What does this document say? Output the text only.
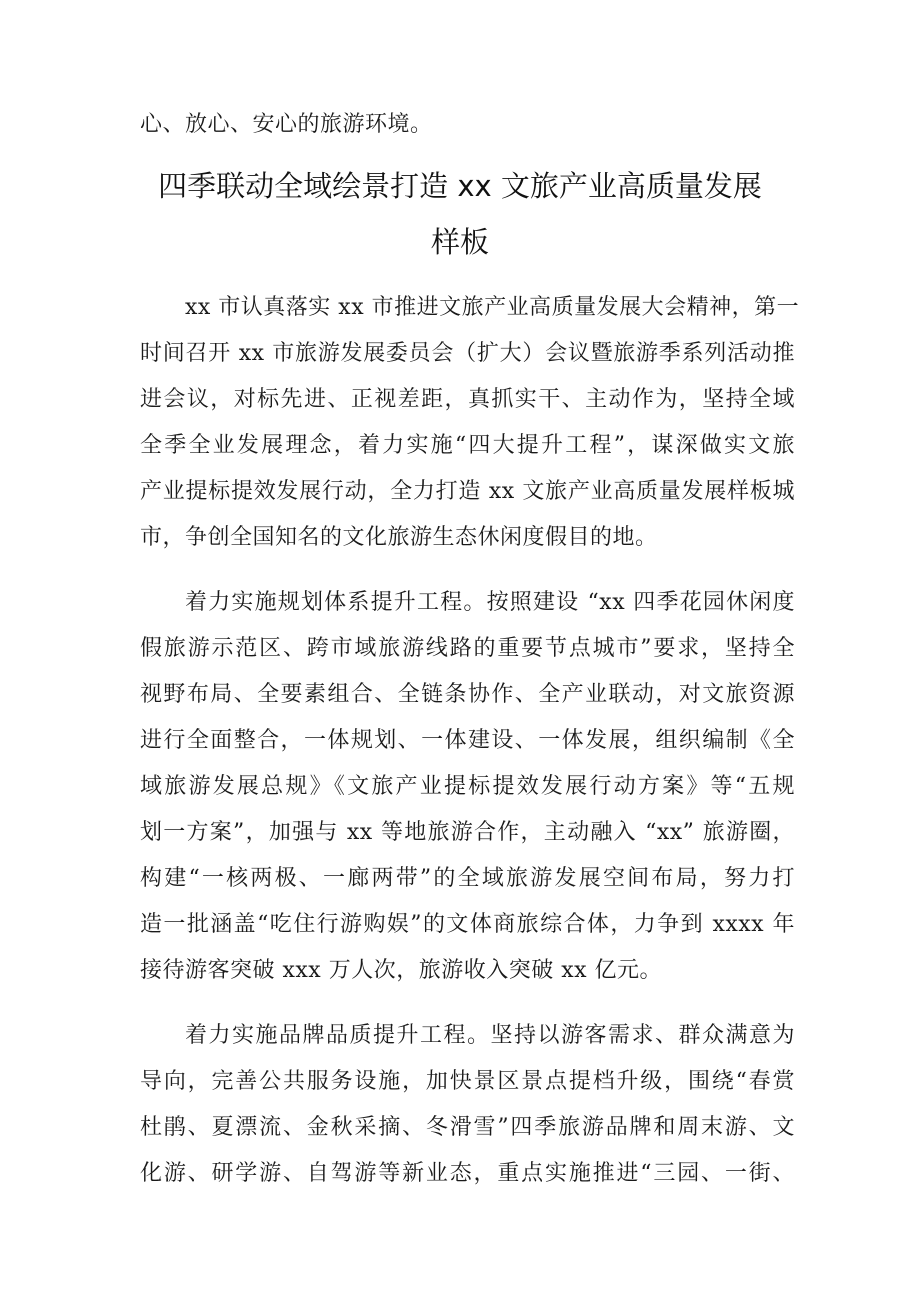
心、放心、安心的旅游环境。
四季联动全域绘景打造 xx 文旅产业高质量发展
样板
xx 市认真落实 xx 市推进文旅产业高质量发展大会精神，第一
时间召开 xx 市旅游发展委员会（扩大）会议暨旅游季系列活动推
进会议，对标先进、正视差距，真抓实干、主动作为，坚持全域
全季全业发展理念，着力实施“四大提升工程”，谋深做实文旅
产业提标提效发展行动，全力打造 xx 文旅产业高质量发展样板城
市，争创全国知名的文化旅游生态休闲度假目的地。
着力实施规划体系提升工程。按照建设 “xx 四季花园休闲度
假旅游示范区、跨市域旅游线路的重要节点城市”要求，坚持全
视野布局、全要素组合、全链条协作、全产业联动，对文旅资源
进行全面整合，一体规划、一体建设、一体发展，组织编制《全
域旅游发展总规》《文旅产业提标提效发展行动方案》等“五规
划一方案”，加强与 xx 等地旅游合作，主动融入 “xx” 旅游圈，
构建“一核两极、一廊两带”的全域旅游发展空间布局，努力打
造一批涵盖“吃住行游购娱”的文体商旅综合体，力争到 xxxx 年
接待游客突破 xxx 万人次，旅游收入突破 xx 亿元。
着力实施品牌品质提升工程。坚持以游客需求、群众满意为
导向，完善公共服务设施，加快景区景点提档升级，围绕“春赏
杜鹃、夏漂流、金秋采摘、冬滑雪”四季旅游品牌和周末游、文
化游、研学游、自驾游等新业态，重点实施推进“三园、一街、
